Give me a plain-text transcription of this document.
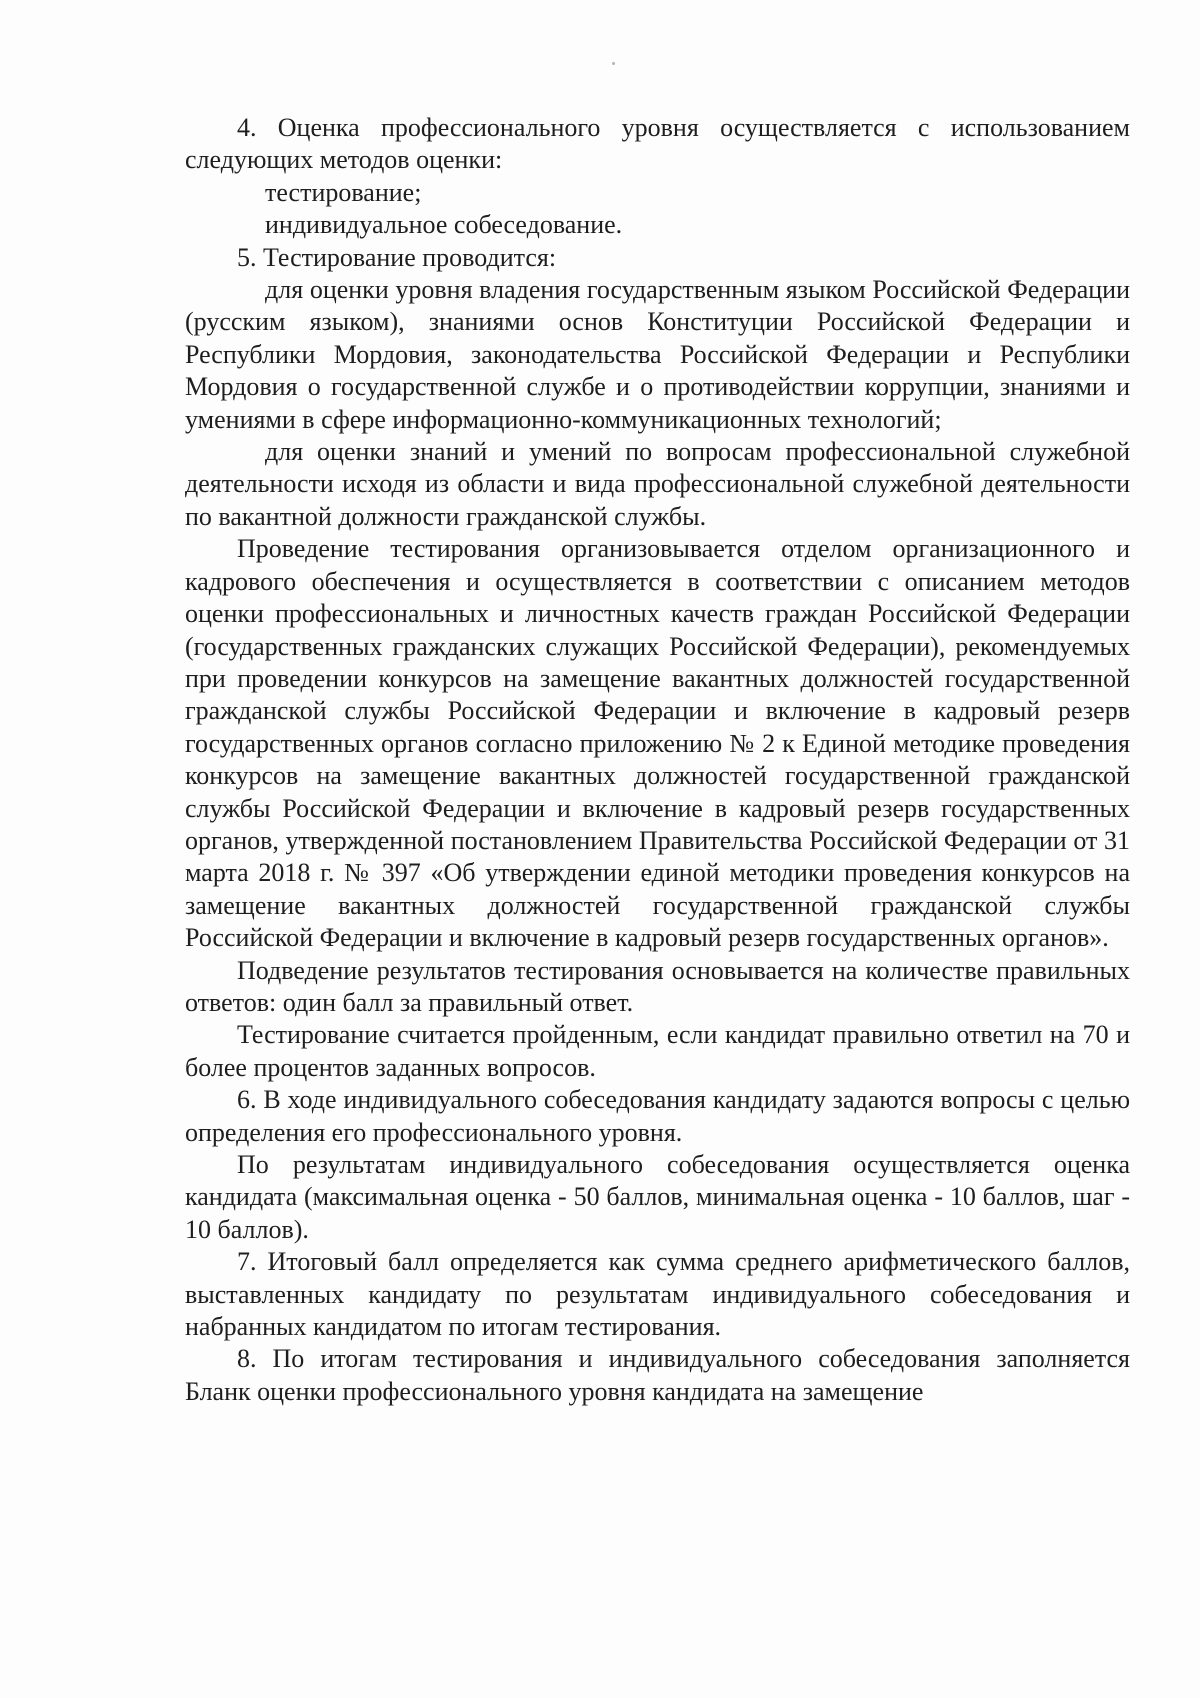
4. Оценка профессионального уровня осуществляется с использованием следующих методов оценки:

тестирование;

индивидуальное собеседование.

5. Тестирование проводится:

для оценки уровня владения государственным языком Российской Федерации (русским языком), знаниями основ Конституции Российской Федерации и Республики Мордовия, законодательства Российской Федерации и Республики Мордовия о государственной службе и о противодействии коррупции, знаниями и умениями в сфере информационно-коммуникационных технологий;

для оценки знаний и умений по вопросам профессиональной служебной деятельности исходя из области и вида профессиональной служебной деятельности по вакантной должности гражданской службы.

Проведение тестирования организовывается отделом организационного и кадрового обеспечения и осуществляется в соответствии с описанием методов оценки профессиональных и личностных качеств граждан Российской Федерации (государственных гражданских служащих Российской Федерации), рекомендуемых при проведении конкурсов на замещение вакантных должностей государственной гражданской службы Российской Федерации и включение в кадровый резерв государственных органов согласно приложению № 2 к Единой методике проведения конкурсов на замещение вакантных должностей государственной гражданской службы Российской Федерации и включение в кадровый резерв государственных органов, утвержденной постановлением Правительства Российской Федерации от 31 марта 2018 г. № 397 «Об утверждении единой методики проведения конкурсов на замещение вакантных должностей государственной гражданской службы Российской Федерации и включение в кадровый резерв государственных органов».

Подведение результатов тестирования основывается на количестве правильных ответов: один балл за правильный ответ.

Тестирование считается пройденным, если кандидат правильно ответил на 70 и более процентов заданных вопросов.

6. В ходе индивидуального собеседования кандидату задаются вопросы с целью определения его профессионального уровня.

По результатам индивидуального собеседования осуществляется оценка кандидата (максимальная оценка - 50 баллов, минимальная оценка - 10 баллов, шаг - 10 баллов).

7. Итоговый балл определяется как сумма среднего арифметического баллов, выставленных кандидату по результатам индивидуального собеседования и набранных кандидатом по итогам тестирования.

8. По итогам тестирования и индивидуального собеседования заполняется Бланк оценки профессионального уровня кандидата на замещение
